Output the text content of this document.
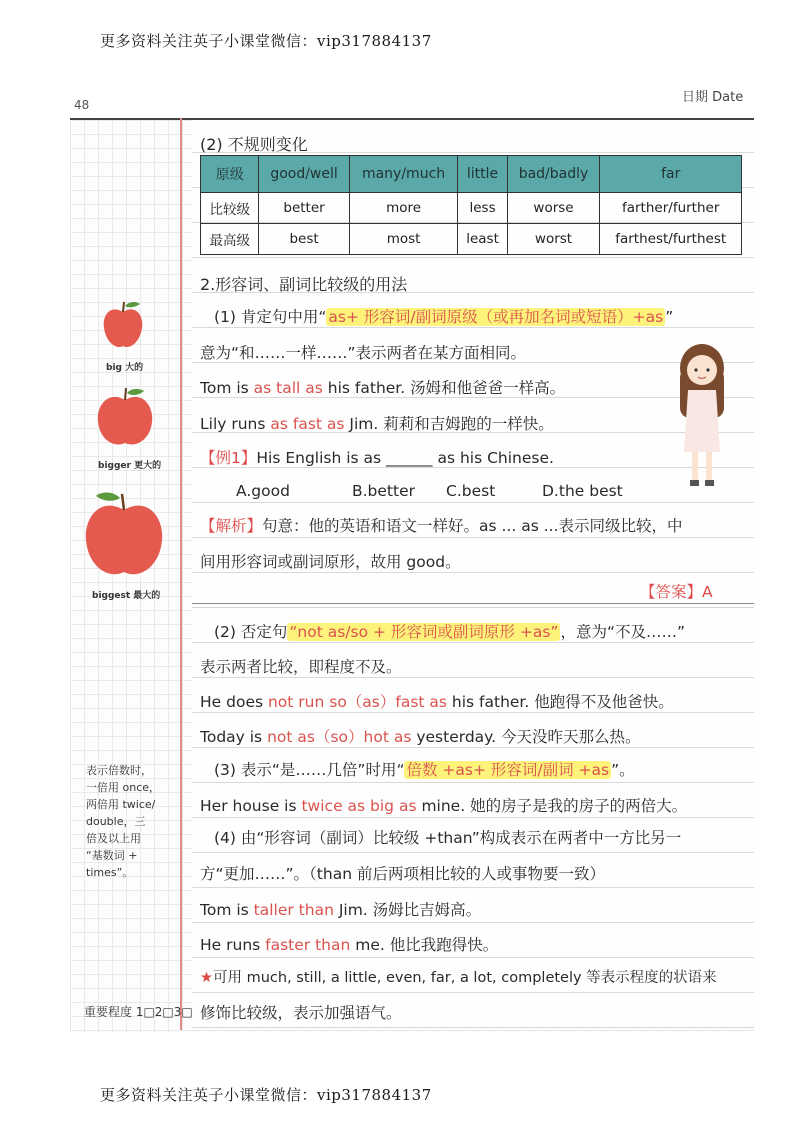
更多资料关注英子小课堂微信：vip317884137
48	日期 Date
big 大的
bigger 更大的
biggest 最大的
表示倍数时，
一倍用 once，
两倍用 twice/
double，三
倍及以上用
“基数词 +
times”。
重要程度 1□2□3□
(2) 不规则变化
原级	good/well	many/much	little	bad/badly	far
比较级	better	more	less	worse	farther/further
最高级	best	most	least	worst	farthest/furthest
2.形容词、副词比较级的用法
(1) 肯定句中用“ as+ 形容词/副词原级（或再加名词或短语）+as ”
意为“和……一样……”表示两者在某方面相同。
Tom is as tall as his father. 汤姆和他爸爸一样高。
Lily runs as fast as Jim. 莉莉和吉姆跑的一样快。
【例1】His English is as ______ as his Chinese.
A.good	B.better C.best	D.the best
【解析】句意：他的英语和语文一样好。as ... as ...表示同级比较，中
间用形容词或副词原形，故用 good。
【答案】A
(2) 否定句 “not as/so + 形容词或副词原形 +as” ，意为“不及……”
表示两者比较，即程度不及。
He does not run so（as）fast as his father. 他跑得不及他爸快。
Today is not as（so）hot as yesterday. 今天没昨天那么热。
(3) 表示“是……几倍”时用“ 倍数 +as+ 形容词/副词 +as ”。
Her house is twice as big as mine. 她的房子是我的房子的两倍大。
(4) 由“形容词（副词）比较级 +than”构成表示在两者中一方比另一
方“更加……”。（than 前后两项相比较的人或事物要一致）
Tom is taller than Jim. 汤姆比吉姆高。
He runs faster than me. 他比我跑得快。
★可用 much, still, a little, even, far, a lot, completely 等表示程度的状语来
修饰比较级，表示加强语气。
更多资料关注英子小课堂微信：vip317884137
